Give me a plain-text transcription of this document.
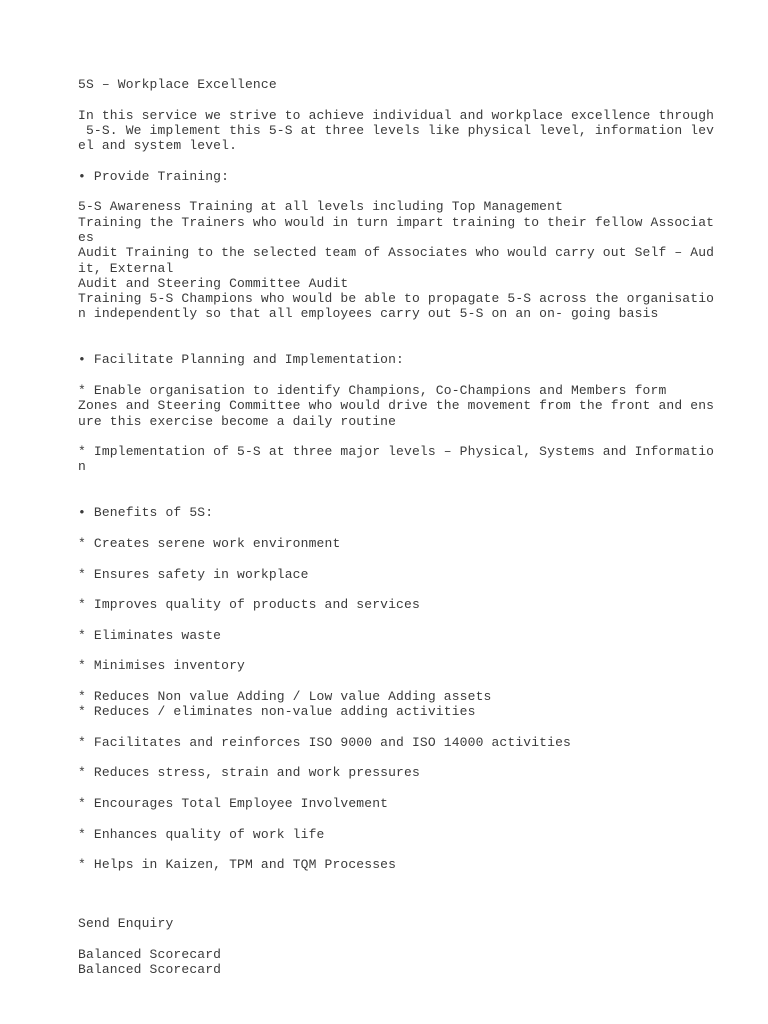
5S – Workplace Excellence
In this service we strive to achieve individual and workplace excellence through
5-S. We implement this 5-S at three levels like physical level, information lev
el and system level.
• Provide Training:
5-S Awareness Training at all levels including Top Management
Training the Trainers who would in turn impart training to their fellow Associat
es
Audit Training to the selected team of Associates who would carry out Self – Aud
it, External
Audit and Steering Committee Audit
Training 5-S Champions who would be able to propagate 5-S across the organisatio
n independently so that all employees carry out 5-S on an on- going basis
• Facilitate Planning and Implementation:
* Enable organisation to identify Champions, Co-Champions and Members form
Zones and Steering Committee who would drive the movement from the front and ens
ure this exercise become a daily routine
* Implementation of 5-S at three major levels – Physical, Systems and Informatio
n
• Benefits of 5S:
* Creates serene work environment
* Ensures safety in workplace
* Improves quality of products and services
* Eliminates waste
* Minimises inventory
* Reduces Non value Adding / Low value Adding assets
* Reduces / eliminates non-value adding activities
* Facilitates and reinforces ISO 9000 and ISO 14000 activities
* Reduces stress, strain and work pressures
* Encourages Total Employee Involvement
* Enhances quality of work life
* Helps in Kaizen, TPM and TQM Processes
Send Enquiry
Balanced Scorecard
Balanced Scorecard
